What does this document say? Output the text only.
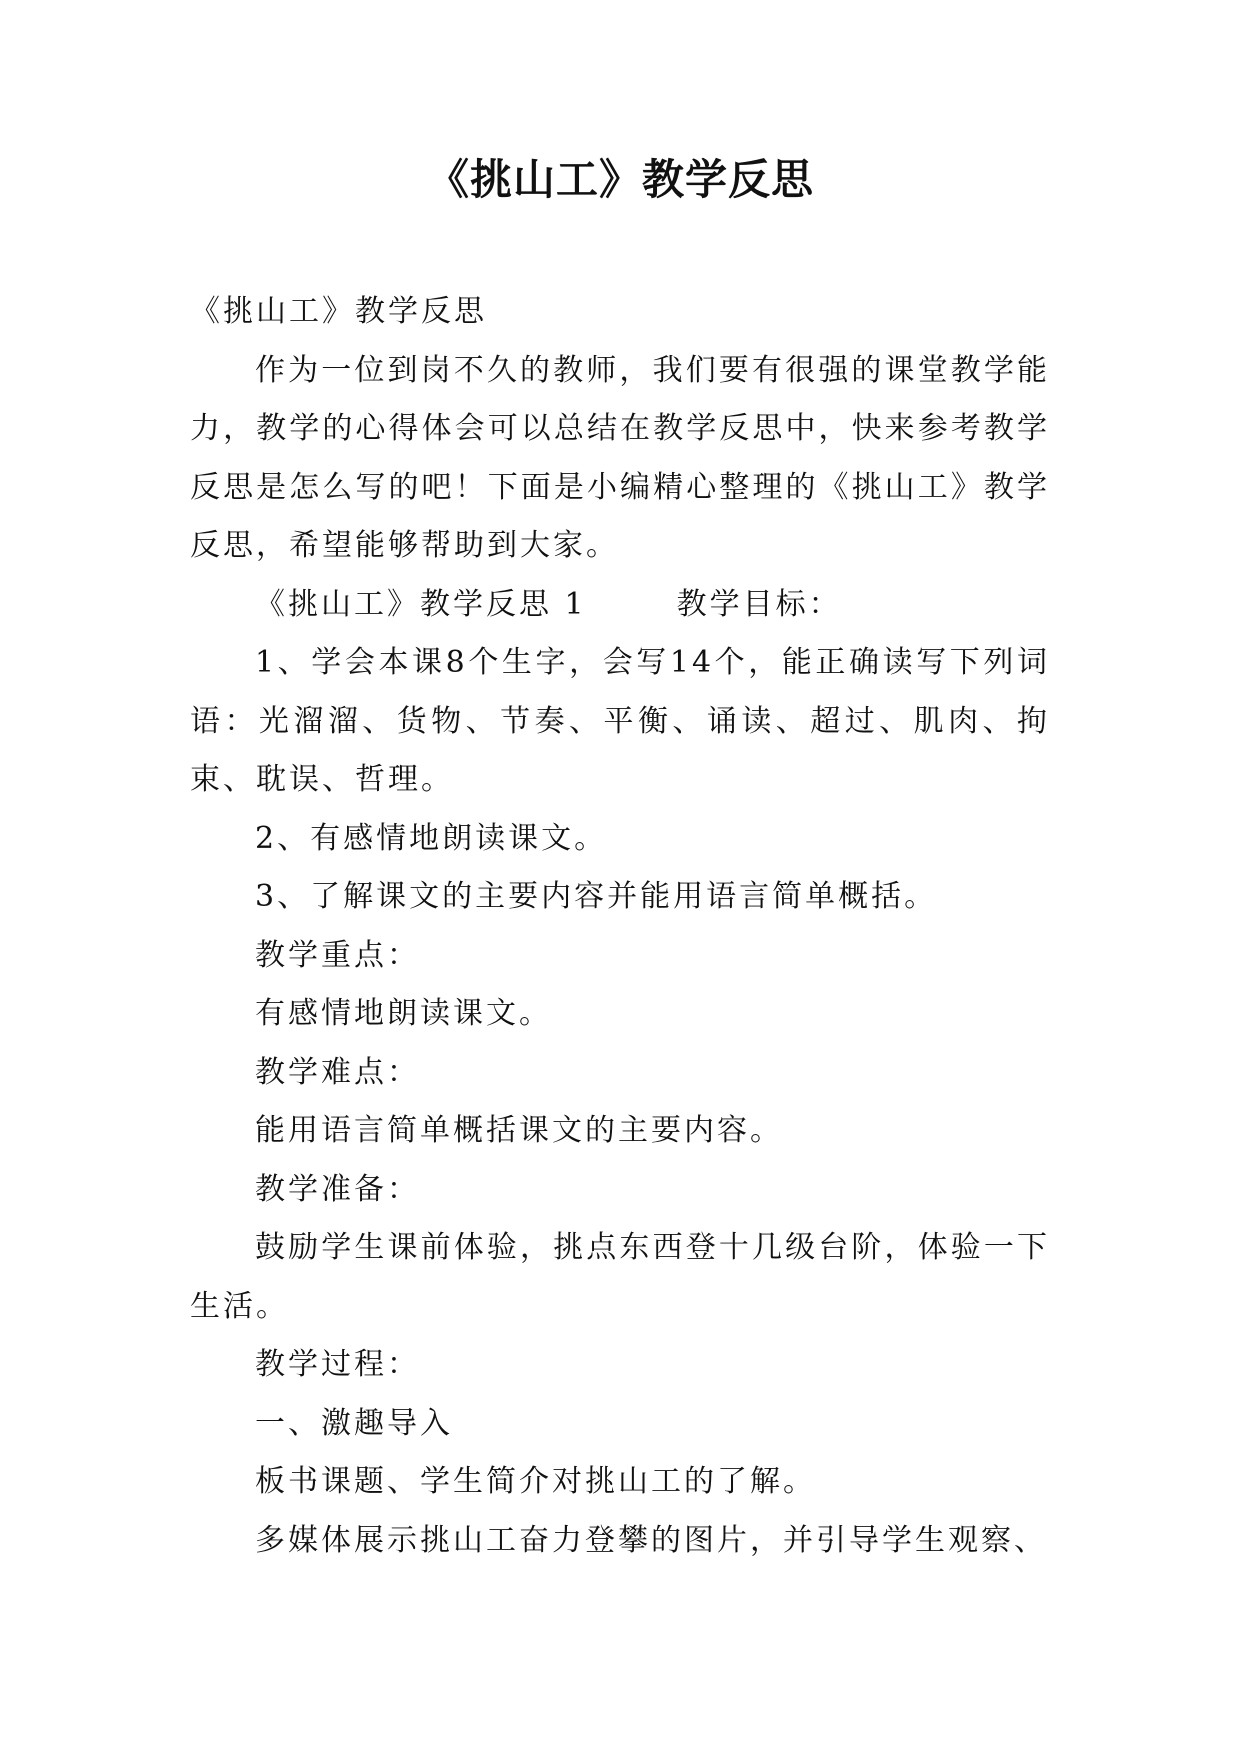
《挑山工》教学反思

《挑山工》教学反思

作为一位到岗不久的教师，我们要有很强的课堂教学能力，教学的心得体会可以总结在教学反思中，快来参考教学反思是怎么写的吧！下面是小编精心整理的《挑山工》教学反思，希望能够帮助到大家。

《挑山工》教学反思 1	教学目标：

1、学会本课8个生字，会写14个，能正确读写下列词语：光溜溜、货物、节奏、平衡、诵读、超过、肌肉、拘束、耽误、哲理。

2、有感情地朗读课文。

3、了解课文的主要内容并能用语言简单概括。

教学重点：

有感情地朗读课文。

教学难点：

能用语言简单概括课文的主要内容。

教学准备：

鼓励学生课前体验，挑点东西登十几级台阶，体验一下生活。

教学过程：

一、激趣导入

板书课题、学生简介对挑山工的了解。

多媒体展示挑山工奋力登攀的图片，并引导学生观察、
